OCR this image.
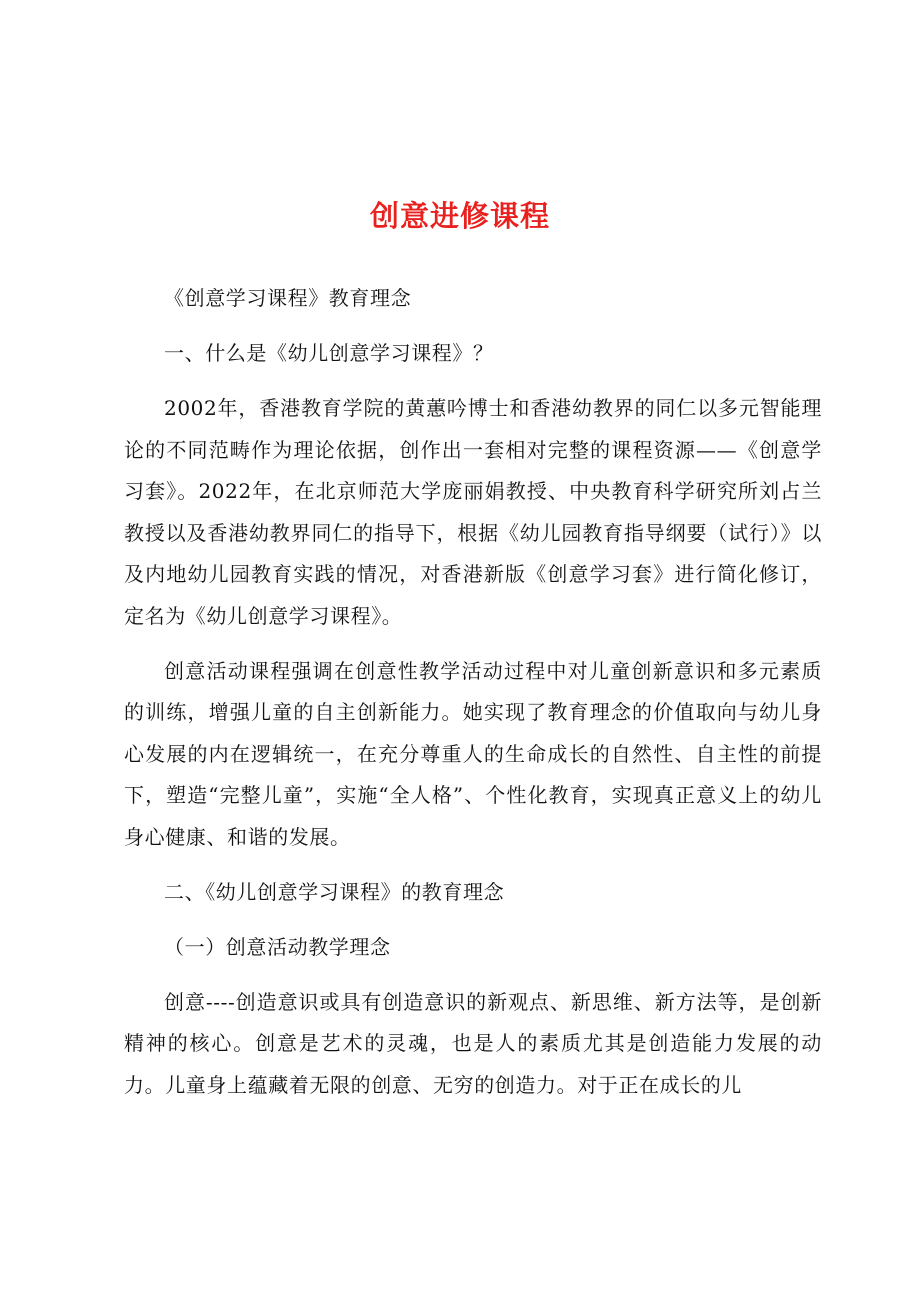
创意进修课程

《创意学习课程》教育理念

一、什么是《幼儿创意学习课程》？

2002年，香港教育学院的黄蕙吟博士和香港幼教界的同仁以多元智能理论的不同范畴作为理论依据，创作出一套相对完整的课程资源——《创意学习套》。2022年，在北京师范大学庞丽娟教授、中央教育科学研究所刘占兰教授以及香港幼教界同仁的指导下，根据《幼儿园教育指导纲要（试行）》以及内地幼儿园教育实践的情况，对香港新版《创意学习套》进行简化修订，定名为《幼儿创意学习课程》。

创意活动课程强调在创意性教学活动过程中对儿童创新意识和多元素质的训练，增强儿童的自主创新能力。她实现了教育理念的价值取向与幼儿身心发展的内在逻辑统一，在充分尊重人的生命成长的自然性、自主性的前提下，塑造“完整儿童”，实施“全人格”、个性化教育，实现真正意义上的幼儿身心健康、和谐的发展。

二、《幼儿创意学习课程》的教育理念

（一）创意活动教学理念

创意----创造意识或具有创造意识的新观点、新思维、新方法等，是创新精神的核心。创意是艺术的灵魂，也是人的素质尤其是创造能力发展的动力。儿童身上蕴藏着无限的创意、无穷的创造力。对于正在成长的儿
